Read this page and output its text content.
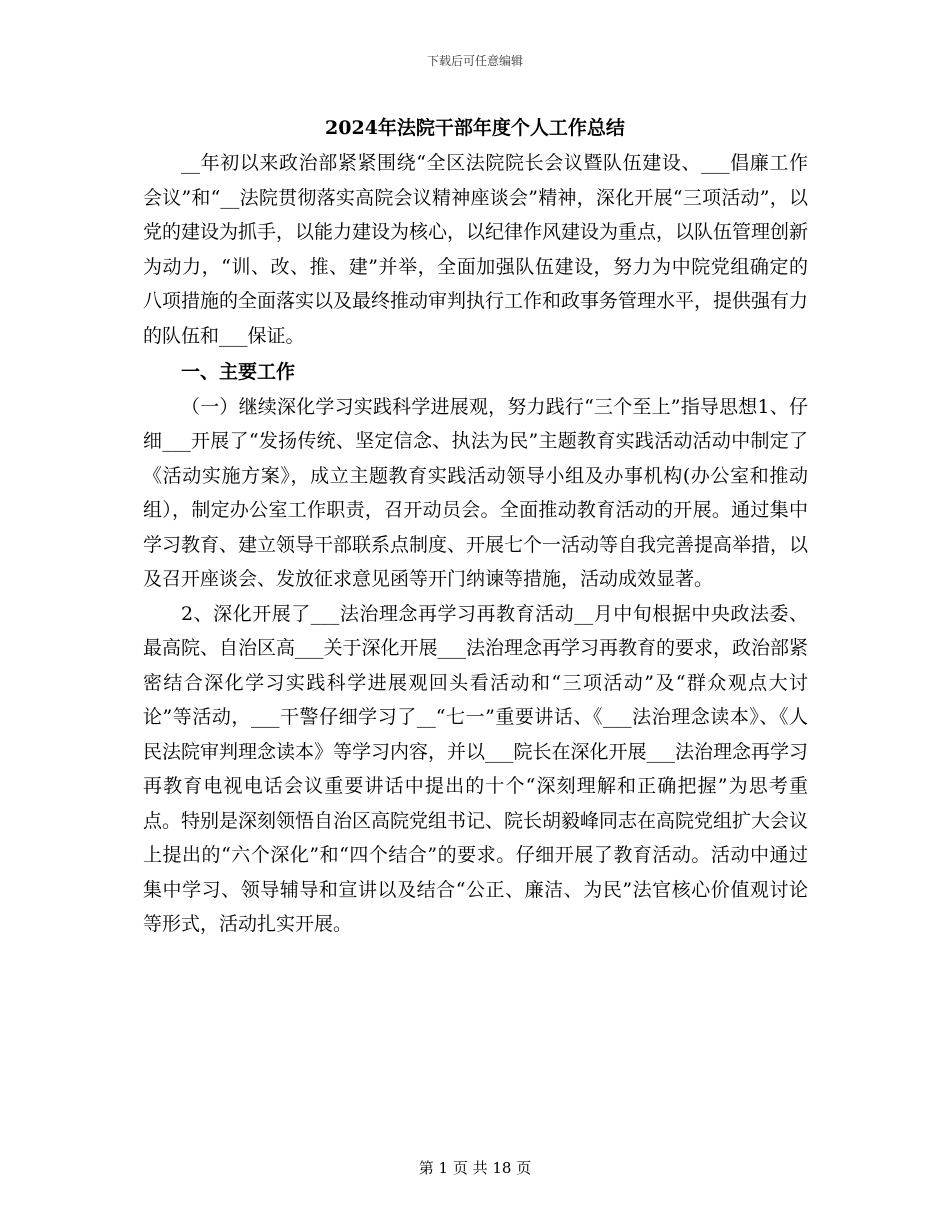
下载后可任意编辑
2024年法院干部年度个人工作总结

__年初以来政治部紧紧围绕“全区法院院长会议暨队伍建设、___倡廉工作会议”和“__法院贯彻落实高院会议精神座谈会”精神，深化开展“三项活动”，以党的建设为抓手，以能力建设为核心，以纪律作风建设为重点，以队伍管理创新为动力，“训、改、推、建”并举，全面加强队伍建设，努力为中院党组确定的八项措施的全面落实以及最终推动审判执行工作和政事务管理水平，提供强有力的队伍和___保证。

一、主要工作

（一）继续深化学习实践科学进展观，努力践行“三个至上”指导思想1、仔细___开展了“发扬传统、坚定信念、执法为民”主题教育实践活动活动中制定了《活动实施方案》，成立主题教育实践活动领导小组及办事机构(办公室和推动组），制定办公室工作职责，召开动员会。全面推动教育活动的开展。通过集中学习教育、建立领导干部联系点制度、开展七个一活动等自我完善提高举措，以及召开座谈会、发放征求意见函等开门纳谏等措施，活动成效显著。

2、深化开展了___法治理念再学习再教育活动__月中旬根据中央政法委、最高院、自治区高___关于深化开展___法治理念再学习再教育的要求，政治部紧密结合深化学习实践科学进展观回头看活动和“三项活动”及“群众观点大讨论”等活动，___干警仔细学习了__“七一”重要讲话、《___法治理念读本》、《人民法院审判理念读本》等学习内容，并以___院长在深化开展___法治理念再学习再教育电视电话会议重要讲话中提出的十个“深刻理解和正确把握”为思考重点。特别是深刻领悟自治区高院党组书记、院长胡毅峰同志在高院党组扩大会议上提出的“六个深化”和“四个结合”的要求。仔细开展了教育活动。活动中通过集中学习、领导辅导和宣讲以及结合“公正、廉洁、为民”法官核心价值观讨论等形式，活动扎实开展。

第 1 页 共 18 页
